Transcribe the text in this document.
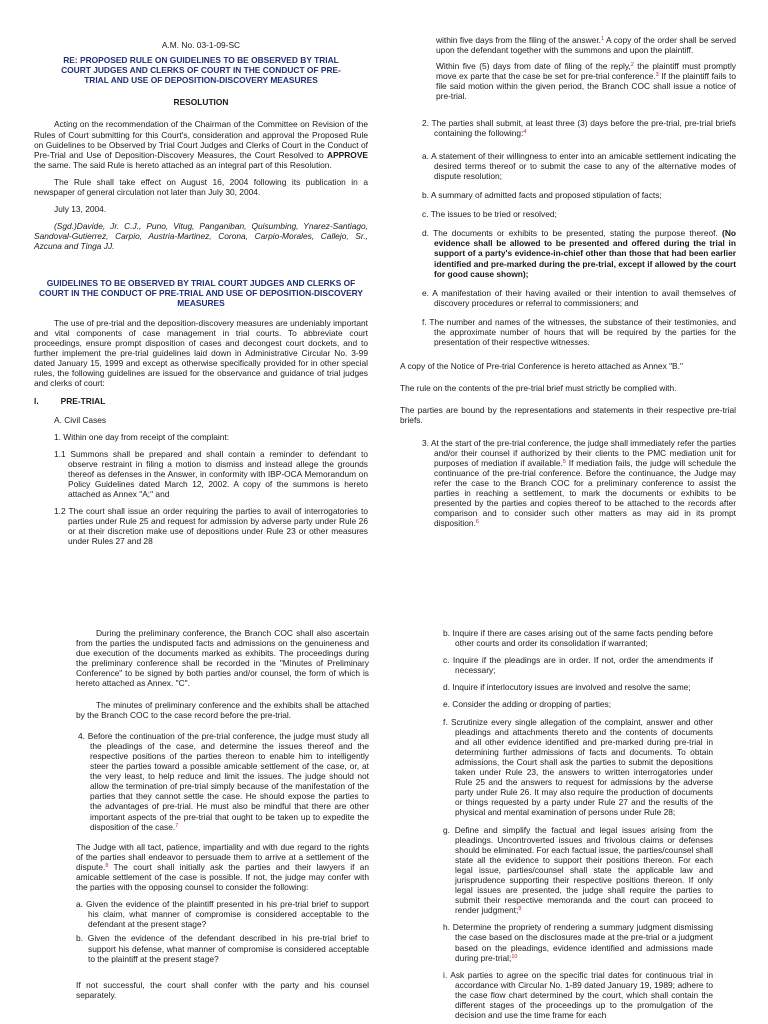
A.M. No. 03-1-09-SC

RE: PROPOSED RULE ON GUIDELINES TO BE OBSERVED BY TRIAL COURT JUDGES AND CLERKS OF COURT IN THE CONDUCT OF PRE-TRIAL AND USE OF DEPOSITION-DISCOVERY MEASURES

RESOLUTION

Acting on the recommendation of the Chairman of the Committee on Revision of the Rules of Court submitting for this Court's, consideration and approval the Proposed Rule on Guidelines to be Observed by Trial Court Judges and Clerks of Court in the Conduct of Pre-Trial and Use of Deposition-Discovery Measures, the Court Resolved to APPROVE the same. The said Rule is hereto attached as an integral part of this Resolution.

The Rule shall take effect on August 16, 2004 following its publication in a newspaper of general circulation not later than July 30, 2004.

July 13, 2004.

(Sgd.)Davide, Jr. C.J., Puno, Vitug, Panganiban, Quisumbing, Ynarez-Santiago, Sandoval-Gutierrez, Carpio, Austria-Martinez, Corona, Carpio-Morales, Callejo, Sr., Azcuna and Tinga JJ.

GUIDELINES TO BE OBSERVED BY TRIAL COURT JUDGES AND CLERKS OF COURT IN THE CONDUCT OF PRE-TRIAL AND USE OF DEPOSITION-DISCOVERY MEASURES

The use of pre-trial and the deposition-discovery measures are undeniably important and vital components of case management in trial courts. To abbreviate court proceedings, ensure prompt disposition of cases and decongest court dockets, and to further implement the pre-trial guidelines laid down in Administrative Circular No. 3-99 dated January 15, 1999 and except as otherwise specifically provided for in other special rules, the following guidelines are issued for the observance and guidance of trial judges and clerks of court:

I.	PRE-TRIAL

A. Civil Cases

1. Within one day from receipt of the complaint:

1.1 Summons shall be prepared and shall contain a reminder to defendant to observe restraint in filing a motion to dismiss and instead allege the grounds thereof as defenses in the Answer, in conformity with IBP-OCA Memorandum on Policy Guidelines dated March 12, 2002. A copy of the summons is hereto attached as Annex "A;" and

1.2 The court shall issue an order requiring the parties to avail of interrogatories to parties under Rule 25 and request for admission by adverse party under Rule 26 or at their discretion make use of depositions under Rule 23 or other measures under Rules 27 and 28

within five days from the filing of the answer.$^1$ A copy of the order shall be served upon the defendant together with the summons and upon the plaintiff.

Within five (5) days from date of filing of the reply,$^2$ the plaintiff must promptly move ex parte that the case be set for pre-trial conference.$^3$ If the plaintiff fails to file said motion within the given period, the Branch COC shall issue a notice of pre-trial.

2. The parties shall submit, at least three (3) days before the pre-trial, pre-trial briefs containing the following:$^4$

a. A statement of their willingness to enter into an amicable settlement indicating the desired terms thereof or to submit the case to any of the alternative modes of dispute resolution;

b. A summary of admitted facts and proposed stipulation of facts;

c. The issues to be tried or resolved;

d. The documents or exhibits to be presented, stating the purpose thereof. (No evidence shall be allowed to be presented and offered during the trial in support of a party's evidence-in-chief other than those that had been earlier identified and pre-marked during the pre-trial, except if allowed by the court for good cause shown);

e. A manifestation of their having availed or their intention to avail themselves of discovery procedures or referral to commissioners; and

f. The number and names of the witnesses, the substance of their testimonies, and the approximate number of hours that will be required by the parties for the presentation of their respective witnesses.

A copy of the Notice of Pre-trial Conference is hereto attached as Annex "B."

The rule on the contents of the pre-trial brief must strictly be complied with.

The parties are bound by the representations and statements in their respective pre-trial briefs.

3. At the start of the pre-trial conference, the judge shall immediately refer the parties and/or their counsel if authorized by their clients to the PMC mediation unit for purposes of mediation if available.$^5$ If mediation fails, the judge will schedule the continuance of the pre-trial conference. Before the continuance, the Judge may refer the case to the Branch COC for a preliminary conference to assist the parties in reaching a settlement, to mark the documents or exhibits to be presented by the parties and copies thereof to be attached to the records after comparison and to consider such other matters as may aid in its prompt disposition.$^6$

During the preliminary conference, the Branch COC shall also ascertain from the parties the undisputed facts and admissions on the genuineness and due execution of the documents marked as exhibits. The proceedings during the preliminary conference shall be recorded in the "Minutes of Preliminary Conference" to be signed by both parties and/or counsel, the form of which is hereto attached as Annex. "C".

The minutes of preliminary conference and the exhibits shall be attached by the Branch COC to the case record before the pre-trial.

4. Before the continuation of the pre-trial conference, the judge must study all the pleadings of the case, and determine the issues thereof and the respective positions of the parties thereon to enable him to intelligently steer the parties toward a possible amicable settlement of the case, or, at the very least, to help reduce and limit the issues. The judge should not allow the termination of pre-trial simply because of the manifestation of the parties that they cannot settle the case. He should expose the parties to the advantages of pre-trial. He must also be mindful that there are other important aspects of the pre-trial that ought to be taken up to expedite the disposition of the case.$^7$

The Judge with all tact, patience, impartiality and with due regard to the rights of the parties shall endeavor to persuade them to arrive at a settlement of the dispute.$^8$ The court shall initially ask the parties and their lawyers if an amicable settlement of the case is possible. If not, the judge may confer with the parties with the opposing counsel to consider the following:

a. Given the evidence of the plaintiff presented in his pre-trial brief to support his claim, what manner of compromise is considered acceptable to the defendant at the present stage?

b. Given the evidence of the defendant described in his pre-trial brief to support his defense, what manner of compromise is considered acceptable to the plaintiff at the present stage?

If not successful, the court shall confer with the party and his counsel separately.

b. Inquire if there are cases arising out of the same facts pending before other courts and order its consolidation if warranted;

c. Inquire if the pleadings are in order. If not, order the amendments if necessary;

d. Inquire if interlocutory issues are involved and resolve the same;

e. Consider the adding or dropping of parties;

f. Scrutinize every single allegation of the complaint, answer and other pleadings and attachments thereto and the contents of documents and all other evidence identified and pre-marked during pre-trial in determining further admissions of facts and documents. To obtain admissions, the Court shall ask the parties to submit the depositions taken under Rule 23, the answers to written interrogatories under Rule 25 and the answers to request for admissions by the adverse party under Rule 26. It may also require the production of documents or things requested by a party under Rule 27 and the results of the physical and mental examination of persons under Rule 28;

g. Define and simplify the factual and legal issues arising from the pleadings. Uncontroverted issues and frivolous claims or defenses should be eliminated. For each factual issue, the parties/counsel shall state all the evidence to support their positions thereon. For each legal issue, parties/counsel shall state the applicable law and jurisprudence supporting their respective positions thereon. If only legal issues are presented, the judge shall require the parties to submit their respective memoranda and the court can proceed to render judgment;$^9$

h. Determine the propriety of rendering a summary judgment dismissing the case based on the disclosures made at the pre-trial or a judgment based on the pleadings, evidence identified and admissions made during pre-trial;$^{10}$

i. Ask parties to agree on the specific trial dates for continuous trial in accordance with Circular No. 1-89 dated January 19, 1989; adhere to the case flow chart determined by the court, which shall contain the different stages of the proceedings up to the promulgation of the decision and use the time frame for each
